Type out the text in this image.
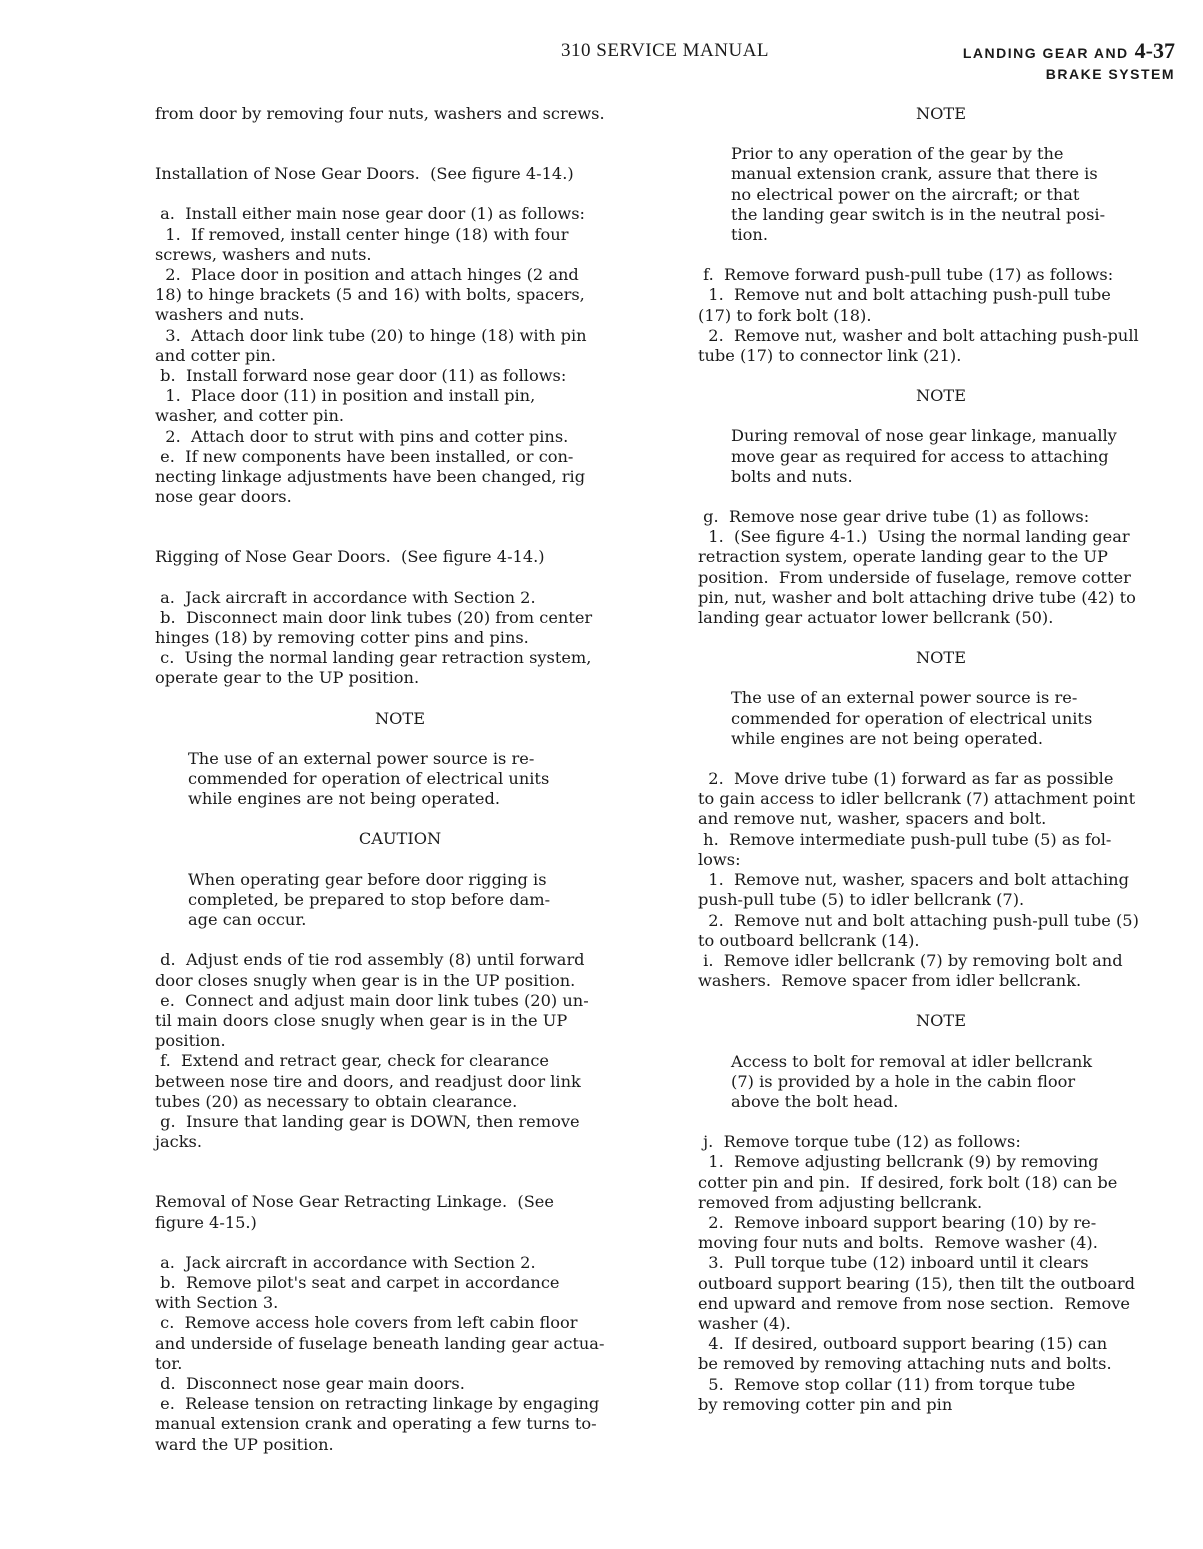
310 SERVICE MANUAL	LANDING GEAR AND 4-37
BRAKE SYSTEM

from door by removing four nuts, washers and screws.

Installation of Nose Gear Doors.  (See figure 4-14.)

a.  Install either main nose gear door (1) as follows:

1.  If removed, install center hinge (18) with four
screws, washers and nuts.

2.  Place door in position and attach hinges (2 and
18) to hinge brackets (5 and 16) with bolts, spacers,
washers and nuts.

3.  Attach door link tube (20) to hinge (18) with pin
and cotter pin.

b.  Install forward nose gear door (11) as follows:

1.  Place door (11) in position and install pin,
washer, and cotter pin.

2.  Attach door to strut with pins and cotter pins.

e.  If new components have been installed, or con-
necting linkage adjustments have been changed, rig
nose gear doors.

Rigging of Nose Gear Doors.  (See figure 4-14.)

a.  Jack aircraft in accordance with Section 2.

b.  Disconnect main door link tubes (20) from center
hinges (18) by removing cotter pins and pins.

c.  Using the normal landing gear retraction system,
operate gear to the UP position.

NOTE

The use of an external power source is re-
commended for operation of electrical units
while engines are not being operated.

CAUTION

When operating gear before door rigging is
completed, be prepared to stop before dam-
age can occur.

d.  Adjust ends of tie rod assembly (8) until forward
door closes snugly when gear is in the UP position.

e.  Connect and adjust main door link tubes (20) un-
til main doors close snugly when gear is in the UP
position.

f.  Extend and retract gear, check for clearance
between nose tire and doors, and readjust door link
tubes (20) as necessary to obtain clearance.

g.  Insure that landing gear is DOWN, then remove
jacks.

Removal of Nose Gear Retracting Linkage.  (See
figure 4-15.)

a.  Jack aircraft in accordance with Section 2.

b.  Remove pilot's seat and carpet in accordance
with Section 3.

c.  Remove access hole covers from left cabin floor
and underside of fuselage beneath landing gear actua-
tor.

d.  Disconnect nose gear main doors.

e.  Release tension on retracting linkage by engaging
manual extension crank and operating a few turns to-
ward the UP position.

NOTE

Prior to any operation of the gear by the
manual extension crank, assure that there is
no electrical power on the aircraft; or that
the landing gear switch is in the neutral posi-
tion.

f.  Remove forward push-pull tube (17) as follows:

1.  Remove nut and bolt attaching push-pull tube
(17) to fork bolt (18).

2.  Remove nut, washer and bolt attaching push-pull
tube (17) to connector link (21).

NOTE

During removal of nose gear linkage, manually
move gear as required for access to attaching
bolts and nuts.

g.  Remove nose gear drive tube (1) as follows:

1.  (See figure 4-1.)  Using the normal landing gear
retraction system, operate landing gear to the UP
position.  From underside of fuselage, remove cotter
pin, nut, washer and bolt attaching drive tube (42) to
landing gear actuator lower bellcrank (50).

NOTE

The use of an external power source is re-
commended for operation of electrical units
while engines are not being operated.

2.  Move drive tube (1) forward as far as possible
to gain access to idler bellcrank (7) attachment point
and remove nut, washer, spacers and bolt.

h.  Remove intermediate push-pull tube (5) as fol-
lows:

1.  Remove nut, washer, spacers and bolt attaching
push-pull tube (5) to idler bellcrank (7).

2.  Remove nut and bolt attaching push-pull tube (5)
to outboard bellcrank (14).

i.  Remove idler bellcrank (7) by removing bolt and
washers.  Remove spacer from idler bellcrank.

NOTE

Access to bolt for removal at idler bellcrank
(7) is provided by a hole in the cabin floor
above the bolt head.

j.  Remove torque tube (12) as follows:

1.  Remove adjusting bellcrank (9) by removing
cotter pin and pin.  If desired, fork bolt (18) can be
removed from adjusting bellcrank.

2.  Remove inboard support bearing (10) by re-
moving four nuts and bolts.  Remove washer (4).

3.  Pull torque tube (12) inboard until it clears
outboard support bearing (15), then tilt the outboard
end upward and remove from nose section.  Remove
washer (4).

4.  If desired, outboard support bearing (15) can
be removed by removing attaching nuts and bolts.

5.  Remove stop collar (11) from torque tube
by removing cotter pin and pin
